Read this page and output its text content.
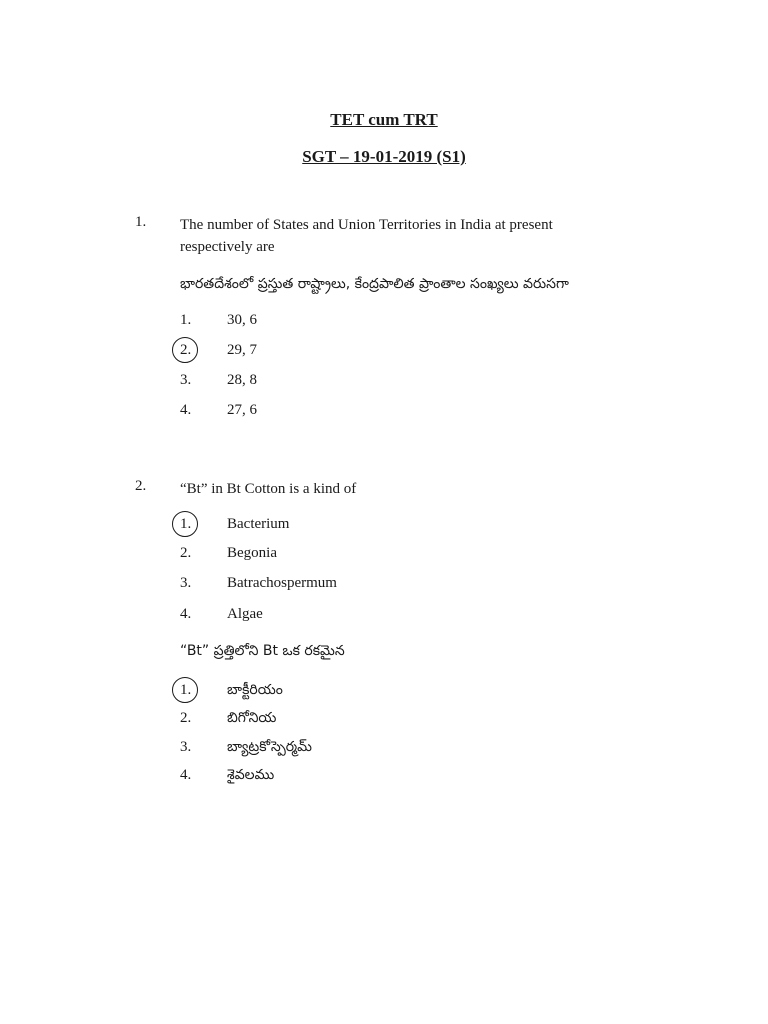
TET cum TRT

SGT – 19-01-2019 (S1)

1. The number of States and Union Territories in India at present respectively are
భారతదేశంలో ప్రస్తుత రాష్ట్రాలు, కేంద్రపాలిత ప్రాంతాల సంఖ్యలు వరుసగా
1.	30, 6
2.	29, 7
3.	28, 8
4.	27, 6
2. “Bt” in Bt Cotton is a kind of
1.	Bacterium
2.	Begonia
3.	Batrachospermum
4.	Algae
“Bt” ప్రత్తిలోని Bt ఒక రకమైన
1.	బాక్టీరియం
2.	బిగోనియ
3.	బ్యాట్రకోస్పెర్మమ్
4.	శైవలము
